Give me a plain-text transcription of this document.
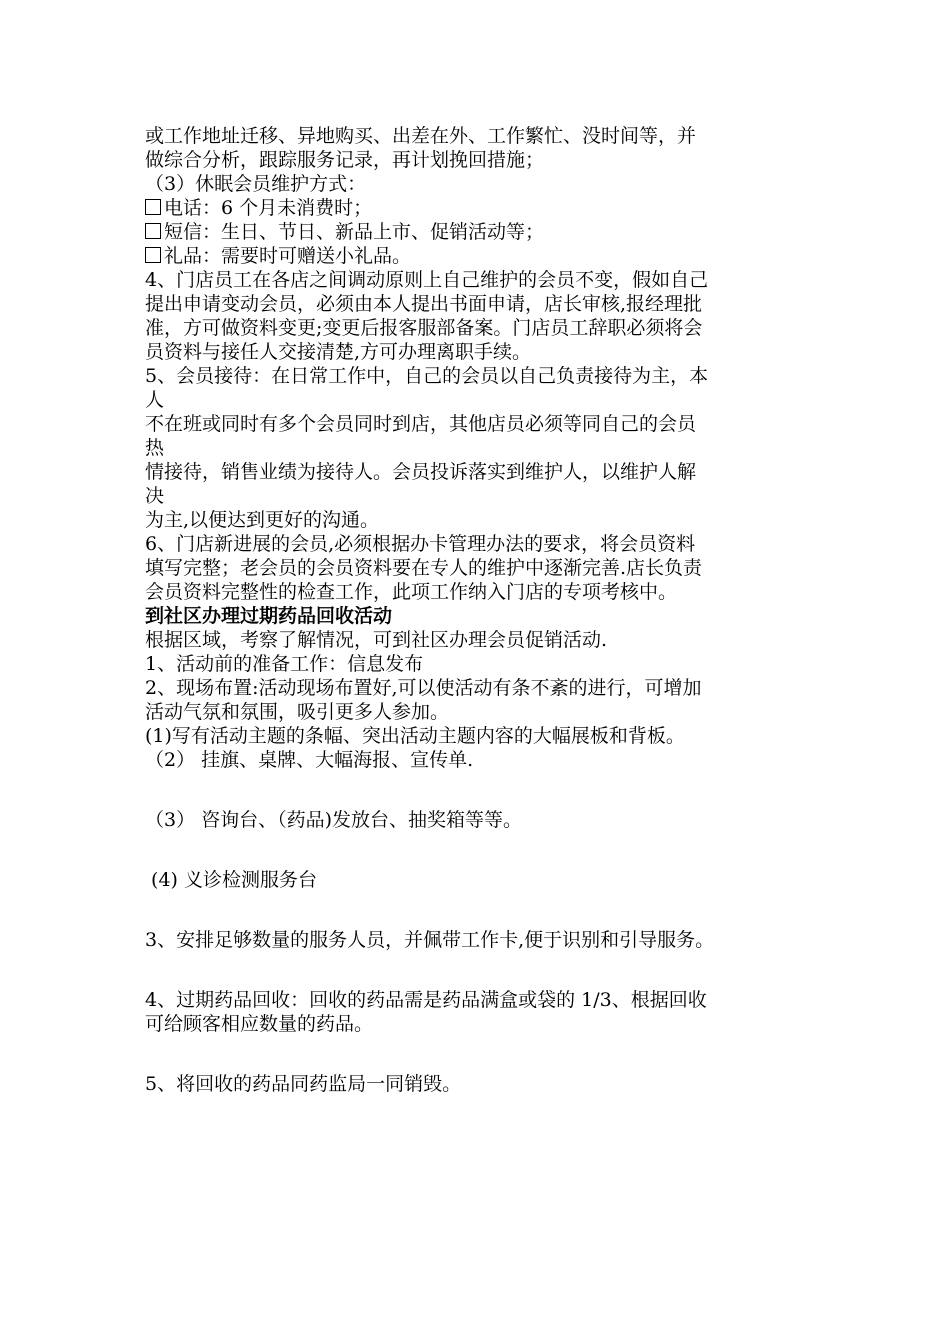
或工作地址迁移、异地购买、出差在外、工作繁忙、没时间等，并
做综合分析，跟踪服务记录，再计划挽回措施；
（3）休眠会员维护方式：
电话：6 个月未消费时；
短信：生日、节日、新品上市、促销活动等；
礼品：需要时可赠送小礼品。
4、门店员工在各店之间调动原则上自己维护的会员不变，假如自己
提出申请变动会员，必须由本人提出书面申请，店长审核,报经理批
准，方可做资料变更;变更后报客服部备案。门店员工辞职必须将会
员资料与接任人交接清楚,方可办理离职手续。
5、会员接待：在日常工作中，自己的会员以自己负责接待为主，本
人
不在班或同时有多个会员同时到店，其他店员必须等同自己的会员
热
情接待，销售业绩为接待人。会员投诉落实到维护人，以维护人解
决
为主,以便达到更好的沟通。
6、门店新进展的会员,必须根据办卡管理办法的要求，将会员资料
填写完整；老会员的会员资料要在专人的维护中逐渐完善.店长负责
会员资料完整性的检查工作，此项工作纳入门店的专项考核中。
到社区办理过期药品回收活动
根据区域，考察了解情况，可到社区办理会员促销活动.
1、活动前的准备工作：信息发布
2、现场布置:活动现场布置好,可以使活动有条不紊的进行，可增加
活动气氛和氛围，吸引更多人参加。
(1)写有活动主题的条幅、突出活动主题内容的大幅展板和背板。
（2） 挂旗、桌牌、大幅海报、宣传单.
（3） 咨询台、（药品)发放台、抽奖箱等等。
(4) 义诊检测服务台
3、安排足够数量的服务人员，并佩带工作卡,便于识别和引导服务。
4、过期药品回收：回收的药品需是药品满盒或袋的 1/3、根据回收
可给顾客相应数量的药品。
5、将回收的药品同药监局一同销毁。
